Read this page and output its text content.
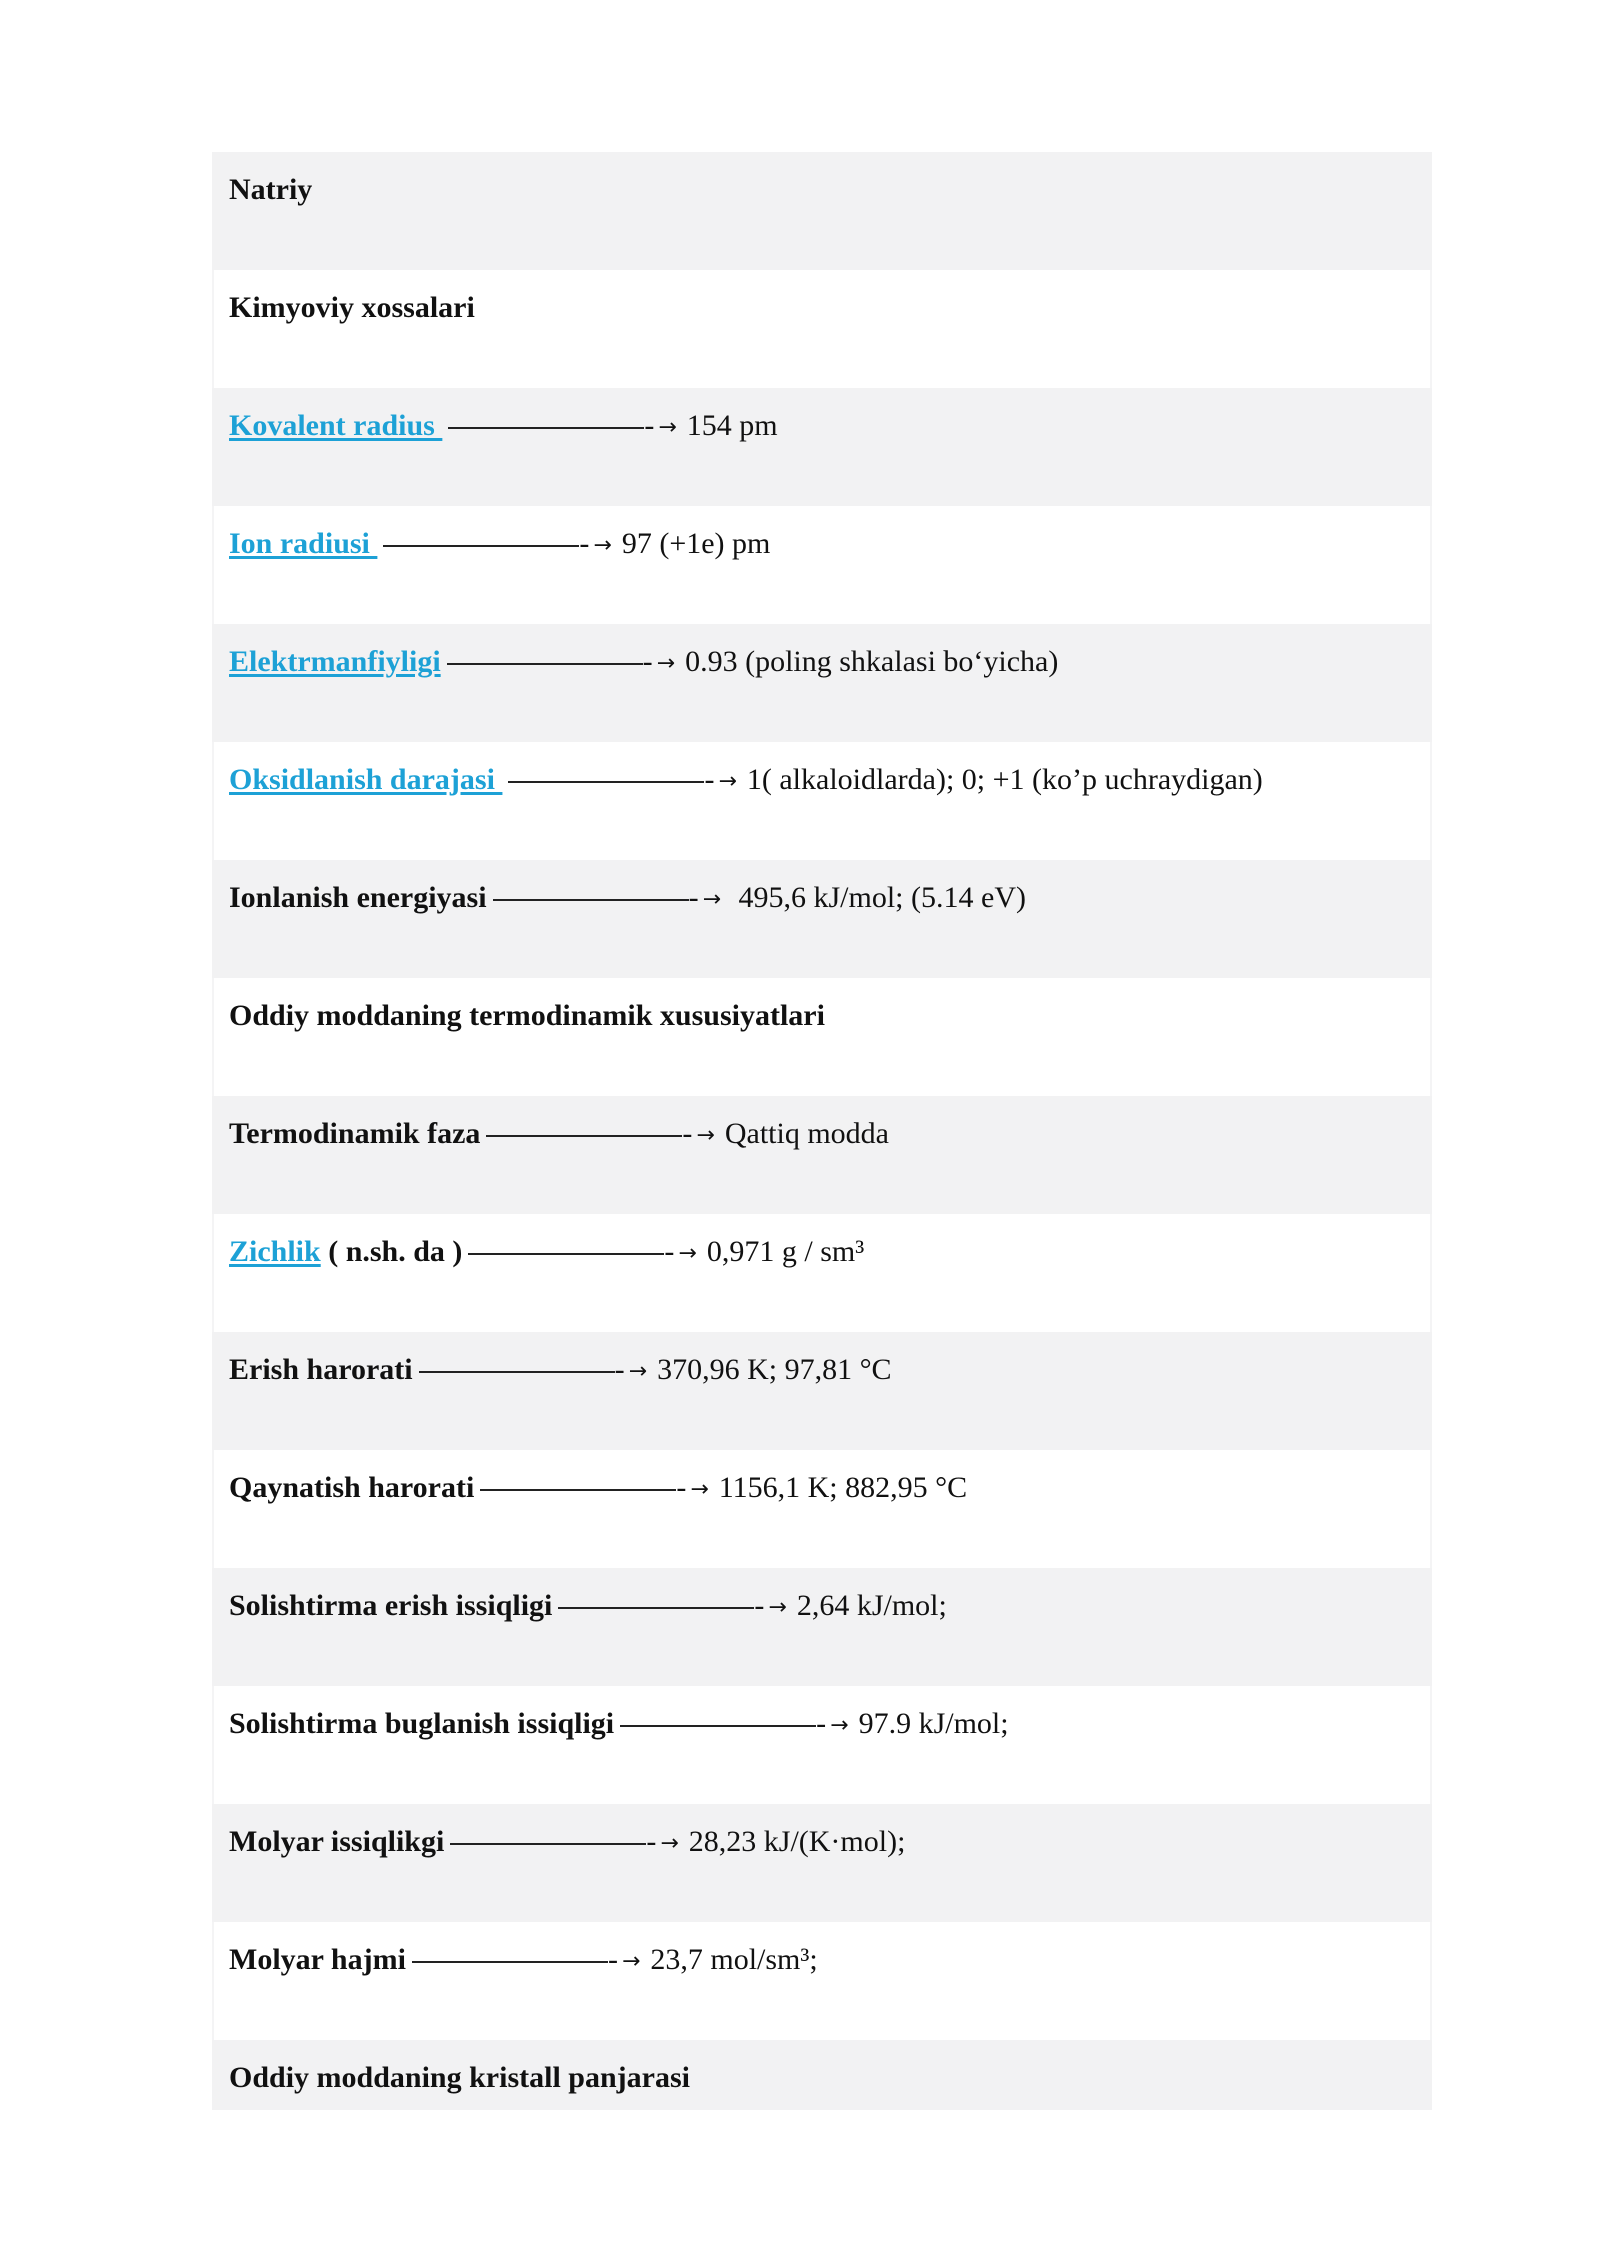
Natriy
Kimyoviy xossalari
Kovalent radius	- → 154 pm
Ion radiusi	- → 97 (+1e) pm
Elektrmanfiyligi	- → 0.93 (poling shkalasi bo‘yicha)
Oksidlanish darajasi	- → 1( alkaloidlarda); 0; +1 (ko’p uchraydigan)
Ionlanish energiyasi	- → 495,6 kJ/mol; (5.14 eV)
Oddiy moddaning termodinamik xususiyatlari
Termodinamik faza	- → Qattiq modda
Zichlik ( n.sh. da )	- → 0,971 g / sm³
Erish harorati	- → 370,96 K; 97,81 °C
Qaynatish harorati	- → 1156,1 K; 882,95 °C
Solishtirma erish issiqligi	- → 2,64 kJ/mol;
Solishtirma buglanish issiqligi	- → 97.9 kJ/mol;
Molyar issiqlikgi	- → 28,23 kJ/(K·mol);
Molyar hajmi	- → 23,7 mol/sm³;
Oddiy moddaning kristall panjarasi
